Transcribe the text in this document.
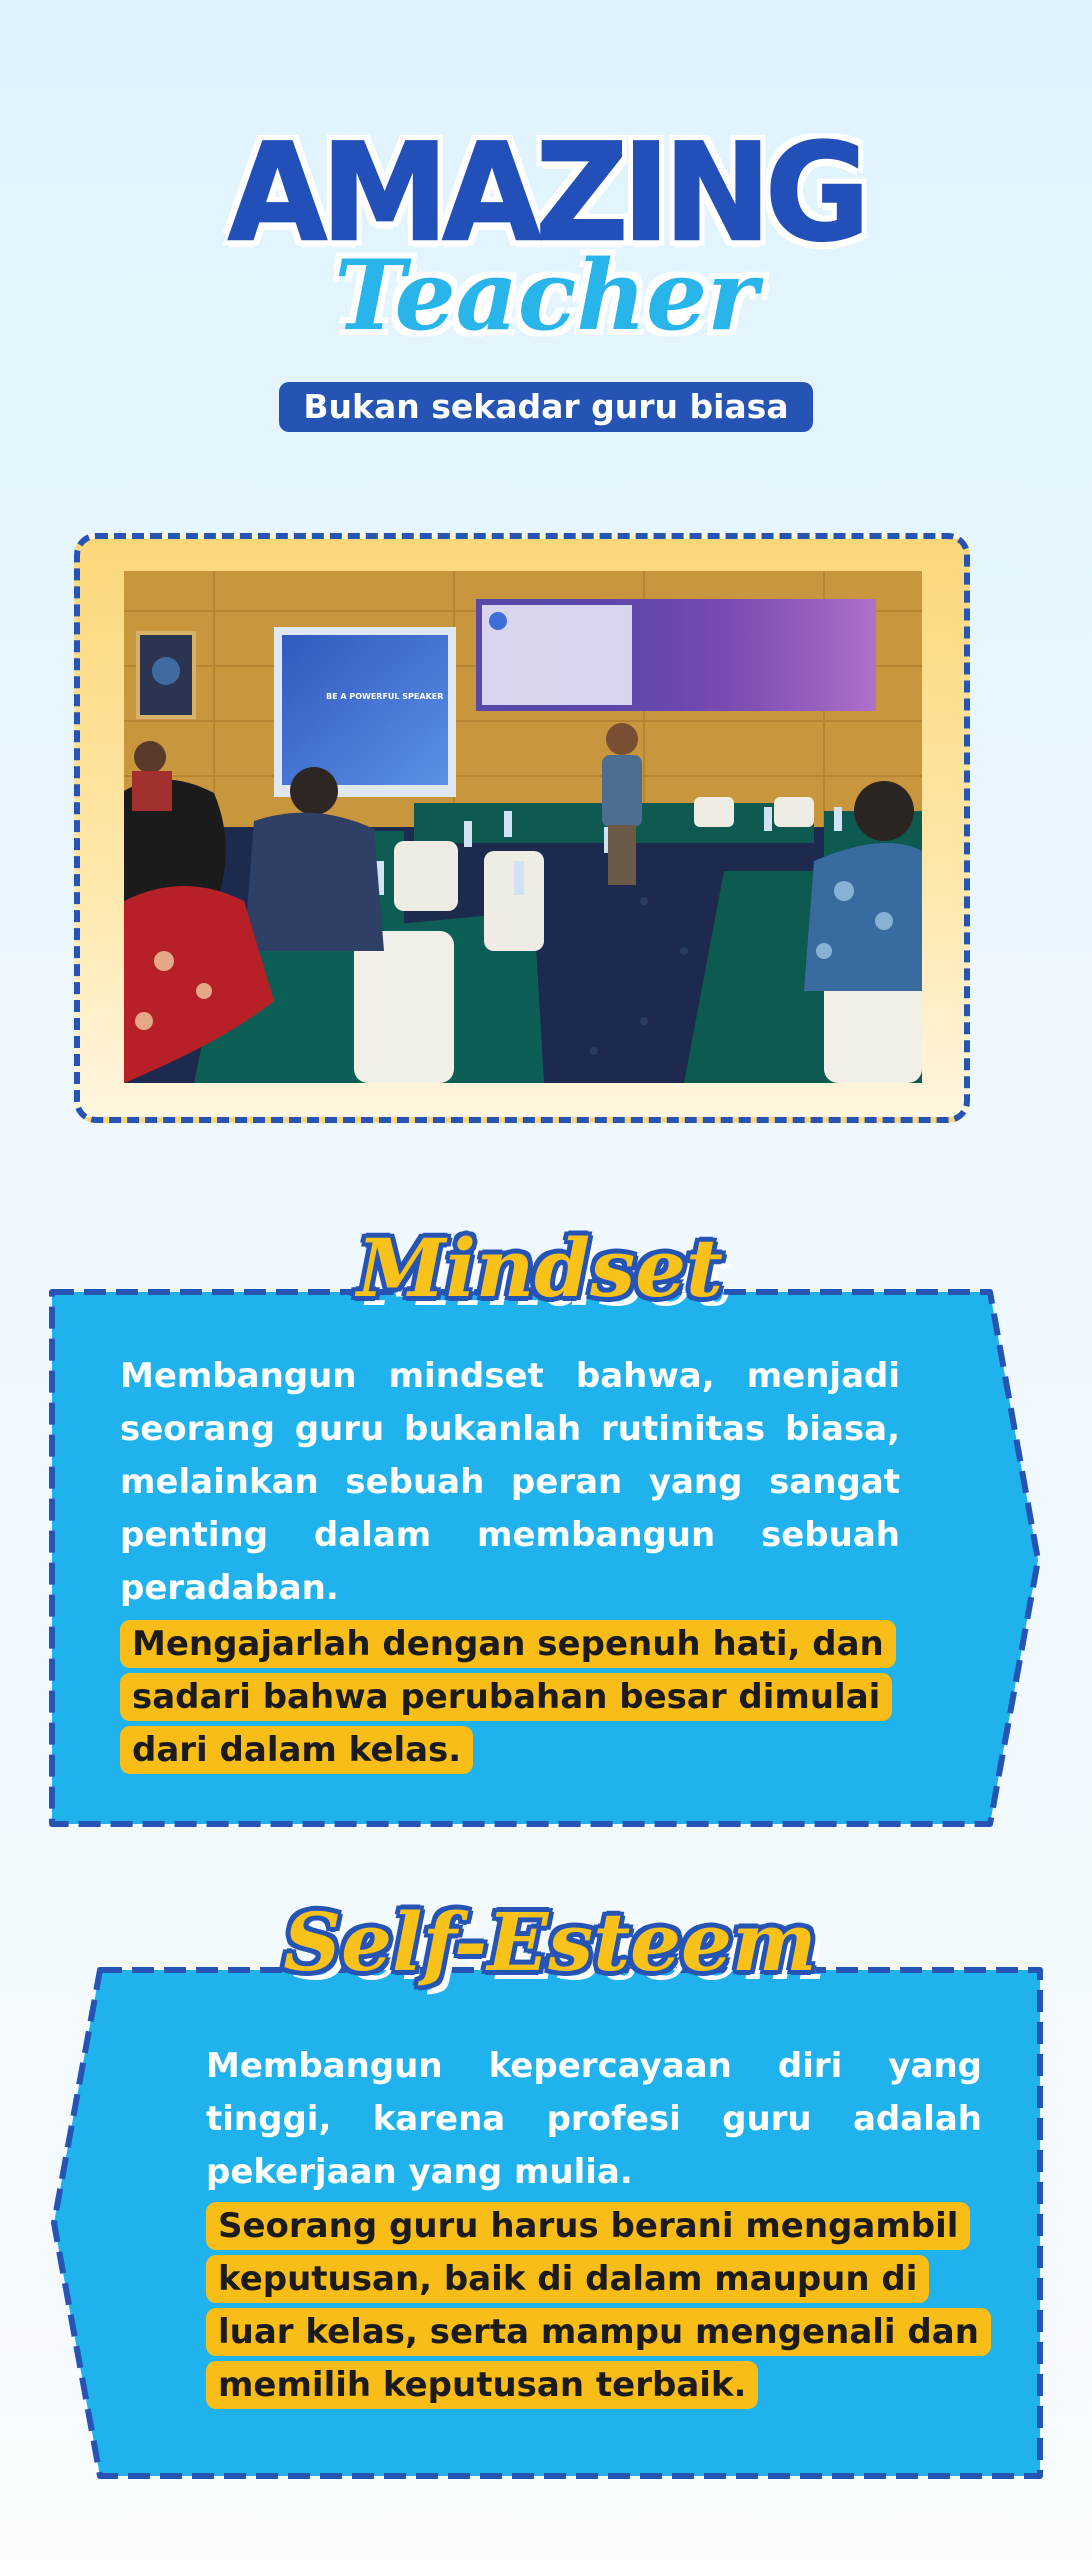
AMAZING
Teacher
Bukan sekadar guru biasa
BE A POWERFUL SPEAKER
Mindset
Membangun mindset bahwa, menjadi seorang guru bukanlah rutinitas biasa, melainkan sebuah peran yang sangat penting dalam membangun sebuah peradaban.
Mengajarlah dengan sepenuh hati, dan sadari bahwa perubahan besar dimulai dari dalam kelas.
Self-Esteem
Membangun kepercayaan diri yang tinggi, karena profesi guru adalah pekerjaan yang mulia.
Seorang guru harus berani mengambil keputusan, baik di dalam maupun di luar kelas, serta mampu mengenali dan memilih keputusan terbaik.
